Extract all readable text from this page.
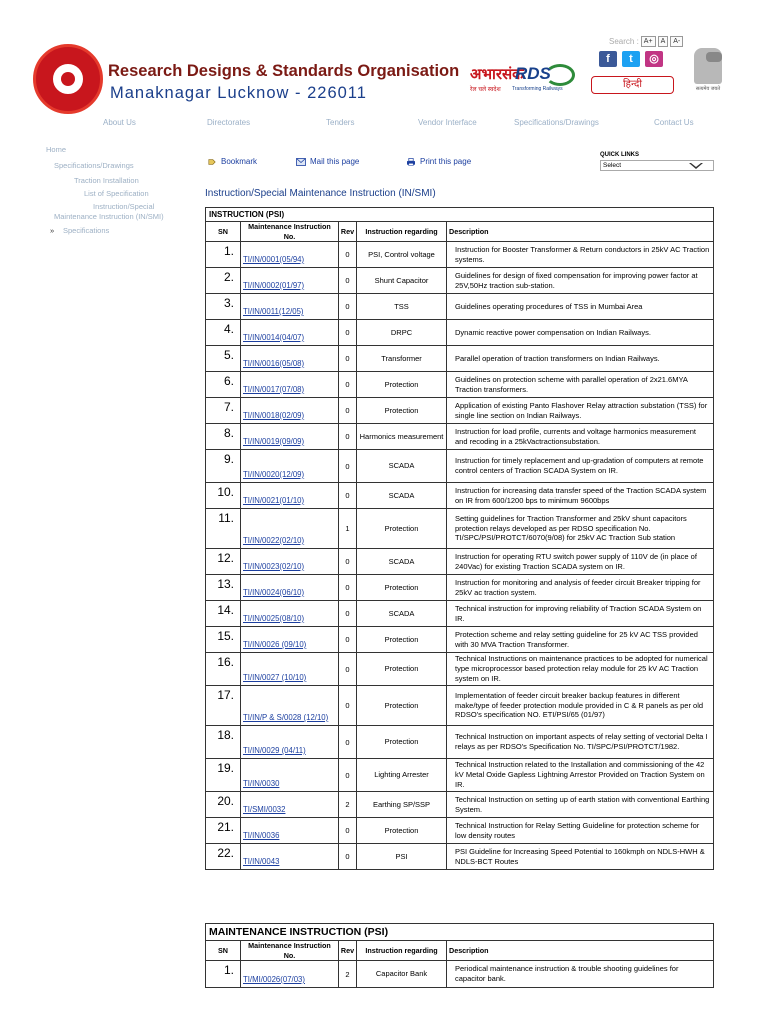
Research Designs & Standards Organisation
Manaknagar Lucknow - 226011
अभारसंक
RDS
रेल चले स्वदेश Transforming Railways
Search : A+	A	A-
f	t	◎
हिन्दी	सत्यमेव जयते
About Us	Directorates	Tenders	Vendor Interface	Specifications/Drawings	Contact Us
Home
Specifications/Drawings
Traction Installation
List of Specification
Instruction/Special
Maintenance Instruction (IN/SMI)
» Specifications
Bookmark	Mail this page	Print this page
QUICK LINKS
Select
Instruction/Special Maintenance Instruction (IN/SMI)
INSTRUCTION (PSI)				
SN	Maintenance Instruction No.	Rev	Instruction regarding	Description
1.	TI/IN/0001(05/94)	0	PSI, Control voltage	Instruction for Booster Transformer & Return conductors in 25kV AC Traction systems.
2.	TI/IN/0002(01/97)	0	Shunt Capacitor	Guidelines for design of fixed compensation for improving power factor at 25V,50Hz traction sub-station.
3.	TI/IN/0011(12/05)	0	TSS	Guidelines operating procedures of TSS in Mumbai Area
4.	TI/IN/0014(04/07)	0	DRPC	Dynamic reactive power compensation on Indian Railways.
5.	TI/IN/0016(05/08)	0	Transformer	Parallel operation of traction transformers on Indian Railways.
6.	TI/IN/0017(07/08)	0	Protection	Guidelines on protection scheme with parallel operation of 2x21.6MYA Traction transformers.
7.	TI/IN/0018(02/09)	0	Protection	Application of existing Panto Flashover Relay attraction substation (TSS) for single line section on Indian Railways.
8.	TI/IN/0019(09/09)	0	Harmonics measurement	Instruction for load profile, currents and voltage harmonics measurement and recoding in a 25kVactractionsubstation.
9.	TI/IN/0020(12/09)	0	SCADA	Instruction for timely replacement and up-gradation of computers at remote control centers of Traction SCADA System on IR.
10.	TI/IN/0021(01/10)	0	SCADA	Instruction for increasing data transfer speed of the Traction SCADA system on IR from 600/1200 bps to minimum 9600bps
11.	TI/IN/0022(02/10)	1	Protection	Setting guidelines for Traction Transformer and 25kV shunt capacitors protection relays developed as per RDSO specification No. TI/SPC/PSI/PROTCT/6070(9/08) for 25kV AC Traction Sub station
12.	TI/IN/0023(02/10)	0	SCADA	Instruction for operating RTU switch power supply of 110V de (in place of 240Vac) for existing Traction SCADA system on IR.
13.	TI/IN/0024(06/10)	0	Protection	Instruction for monitoring and analysis of feeder circuit Breaker tripping for 25kV ac traction system.
14.	TI/IN/0025(08/10)	0	SCADA	Technical instruction for improving reliability of Traction SCADA System on IR.
15.	TI/IN/0026 (09/10)	0	Protection	Protection scheme and relay setting guideline for 25 kV AC TSS provided with 30 MVA Traction Transformer.
16.	TI/IN/0027 (10/10)	0	Protection	Technical Instructions on maintenance practices to be adopted for numerical type microprocessor based protection relay module for 25 kV AC Traction system on IR.
17.	TI/IN/P & S/0028 (12/10)	0	Protection	Implementation of feeder circuit breaker backup features in different make/type of feeder protection module provided in C & R panels as per old RDSO's specification NO. ETI/PSI/65 (01/97)
18.	TI/IN/0029 (04/11)	0	Protection	Technical Instruction on important aspects of relay setting of vectorial Delta I relays as per RDSO's Specification No. TI/SPC/PSI/PROTCT/1982.
19.	TI/IN/0030	0	Lighting Arrester	Technical Instruction related to the Installation and commissioning of the 42 kV Metal Oxide Gapless Lightning Arrestor Provided on Traction System on IR.
20.	TI/SMI/0032	2	Earthing SP/SSP	Technical Instruction on setting up of earth station with conventional Earthing System.
21.	TI/IN/0036	0	Protection	Technical Instruction for Relay Setting Guideline for protection scheme for low density routes
22.	TI/IN/0043	0	PSI	PSI Guideline for Increasing Speed Potential to 160kmph on NDLS-HWH & NDLS-BCT Routes
MAINTENANCE INSTRUCTION (PSI)				
SN	Maintenance Instruction No.	Rev	Instruction regarding	Description
1.	TI/MI/0026(07/03)	2	Capacitor Bank	Periodical maintenance instruction & trouble shooting guidelines for capacitor bank.
